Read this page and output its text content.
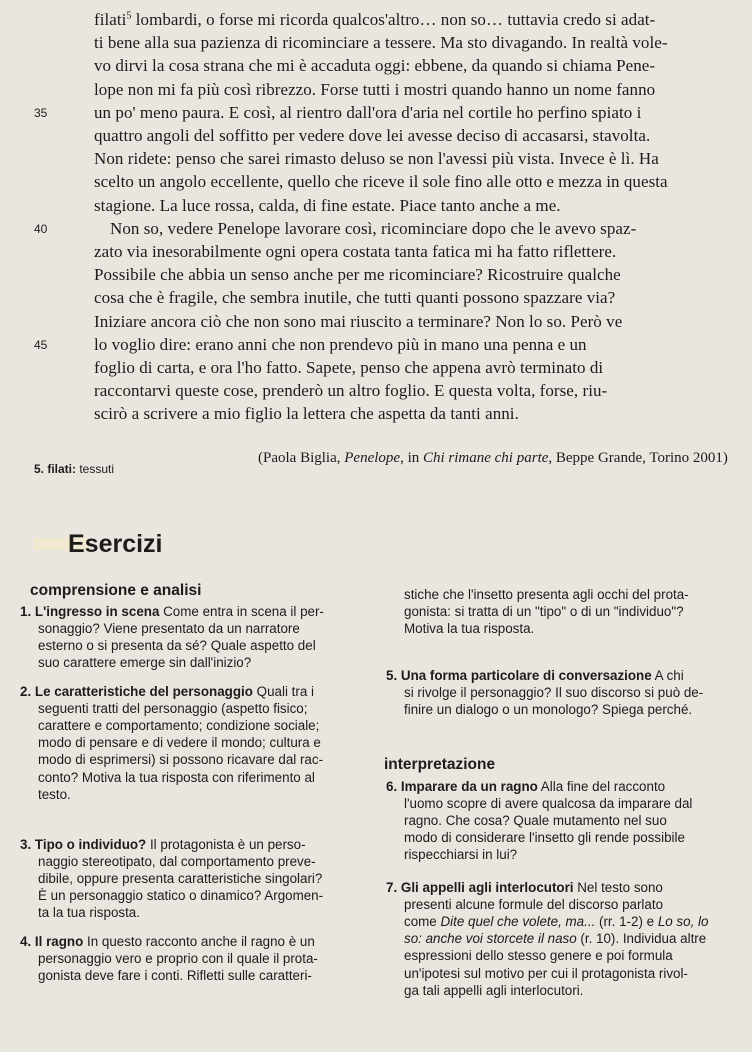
filati$^5$ lombardi, o forse mi ricorda qualcos'altro… non so… tuttavia credo si adat-
ti bene alla sua pazienza di ricominciare a tessere. Ma sto divagando. In realtà vole-
vo dirvi la cosa strana che mi è accaduta oggi: ebbene, da quando si chiama Pene-
lope non mi fa più così ribrezzo. Forse tutti i mostri quando hanno un nome fanno
35	un po' meno paura. E così, al rientro dall'ora d'aria nel cortile ho perfino spiato i
quattro angoli del soffitto per vedere dove lei avesse deciso di accasarsi, stavolta.
Non ridete: penso che sarei rimasto deluso se non l'avessi più vista. Invece è lì. Ha
scelto un angolo eccellente, quello che riceve il sole fino alle otto e mezza in questa
stagione. La luce rossa, calda, di fine estate. Piace tanto anche a me.
40	Non so, vedere Penelope lavorare così, ricominciare dopo che le avevo spaz-
zato via inesorabilmente ogni opera costata tanta fatica mi ha fatto riflettere.
Possibile che abbia un senso anche per me ricominciare? Ricostruire qualche
cosa che è fragile, che sembra inutile, che tutti quanti possono spazzare via?
Iniziare ancora ciò che non sono mai riuscito a terminare? Non lo so. Però ve
45	lo voglio dire: erano anni che non prendevo più in mano una penna e un
foglio di carta, e ora l'ho fatto. Sapete, penso che appena avrò terminato di
raccontarvi queste cose, prenderò un altro foglio. E questa volta, forse, riu-
scirò a scrivere a mio figlio la lettera che aspetta da tanti anni.
(Paola Biglia, Penelope, in Chi rimane chi parte, Beppe Grande, Torino 2001)
5. filati: tessuti
Esercizi
comprensione e analisi
1. L'ingresso in scena Come entra in scena il per-
sonaggio? Viene presentato da un narratore
esterno o si presenta da sé? Quale aspetto del
suo carattere emerge sin dall'inizio?
2. Le caratteristiche del personaggio Quali tra i
seguenti tratti del personaggio (aspetto fisico;
carattere e comportamento; condizione sociale;
modo di pensare e di vedere il mondo; cultura e
modo di esprimersi) si possono ricavare dal rac-
conto? Motiva la tua risposta con riferimento al
testo.
3. Tipo o individuo? Il protagonista è un perso-
naggio stereotipato, dal comportamento preve-
dibile, oppure presenta caratteristiche singolari?
È un personaggio statico o dinamico? Argomen-
ta la tua risposta.
4. Il ragno In questo racconto anche il ragno è un
personaggio vero e proprio con il quale il prota-
gonista deve fare i conti. Rifletti sulle caratteri-
stiche che l'insetto presenta agli occhi del prota-
gonista: si tratta di un "tipo" o di un "individuo"?
Motiva la tua risposta.
5. Una forma particolare di conversazione A chi
si rivolge il personaggio? Il suo discorso si può de-
finire un dialogo o un monologo? Spiega perché.
interpretazione
6. Imparare da un ragno Alla fine del racconto
l'uomo scopre di avere qualcosa da imparare dal
ragno. Che cosa? Quale mutamento nel suo
modo di considerare l'insetto gli rende possibile
rispecchiarsi in lui?
7. Gli appelli agli interlocutori Nel testo sono
presenti alcune formule del discorso parlato
come Dite quel che volete, ma... (rr. 1-2) e Lo so, lo
so: anche voi storcete il naso (r. 10). Individua altre
espressioni dello stesso genere e poi formula
un'ipotesi sul motivo per cui il protagonista rivol-
ga tali appelli agli interlocutori.
